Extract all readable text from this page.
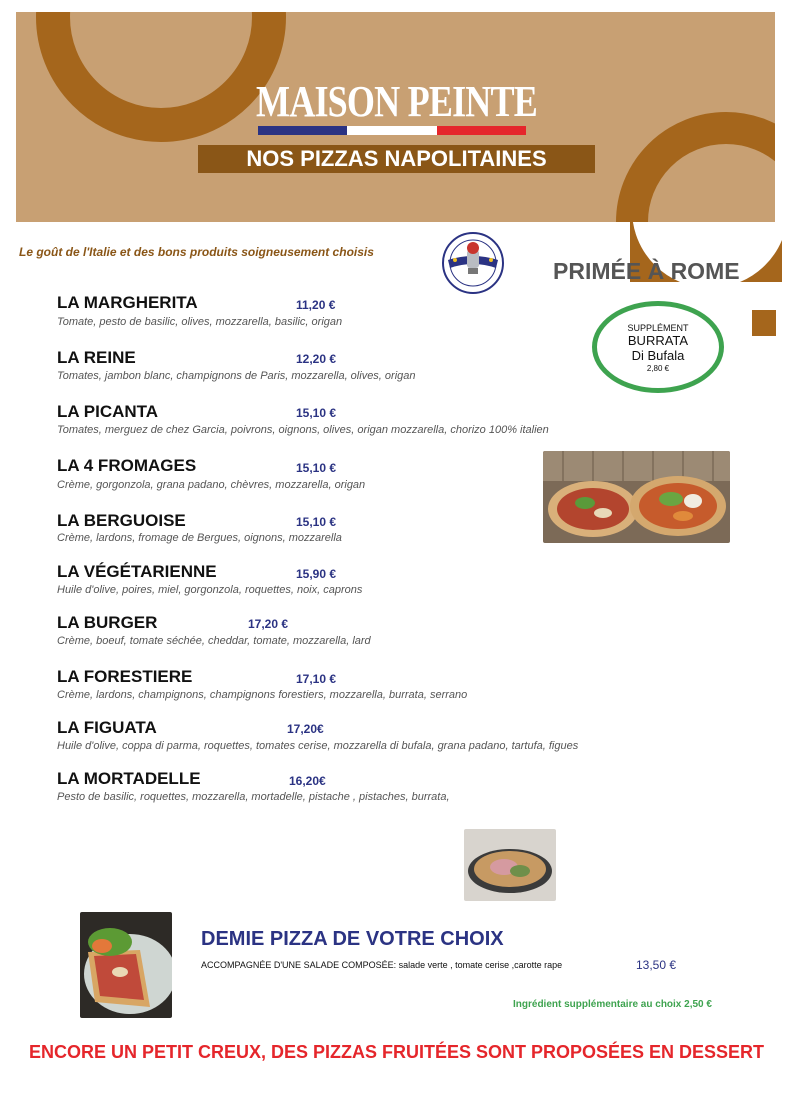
MAISON PEINTE
NOS PIZZAS NAPOLITAINES
Le goût de l'Italie et des bons produits soigneusement choisis
PRIMÉE À ROME
SUPPLÉMENT
BURRATA
Di Bufala
2,80 €
LA MARGHERITA	11,20 €
Tomate, pesto de basilic, olives, mozzarella, basilic, origan
LA REINE	12,20 €
Tomates, jambon blanc, champignons de Paris, mozzarella, olives, origan
LA PICANTA	15,10 €
Tomates, merguez de chez Garcia, poivrons, oignons, olives, origan mozzarella, chorizo 100% italien
LA 4 FROMAGES	15,10 €
Crème, gorgonzola, grana padano, chèvres, mozzarella, origan
LA BERGUOISE	15,10 €
Crème, lardons, fromage de Bergues, oignons, mozzarella
LA VÉGÉTARIENNE	15,90 €
Huile d'olive, poires, miel, gorgonzola, roquettes, noix, caprons
LA BURGER	17,20 €
Crème, boeuf, tomate séchée, cheddar, tomate, mozzarella, lard
LA FORESTIERE	17,10 €
Crème, lardons, champignons, champignons forestiers, mozzarella, burrata, serrano
LA FIGUATA	17,20€
Huile d'olive, coppa di parma, roquettes, tomates cerise, mozzarella di bufala, grana padano, tartufa, figues
LA MORTADELLE	16,20€
Pesto de basilic, roquettes, mozzarella, mortadelle, pistache , pistaches, burrata,
DEMIE PIZZA DE VOTRE CHOIX
ACCOMPAGNÉE D'UNE SALADE COMPOSÉE: salade verte , tomate cerise ,carotte rape	13,50 €
Ingrédient supplémentaire au choix 2,50 €
ENCORE UN PETIT CREUX, DES PIZZAS FRUITÉES SONT PROPOSÉES EN DESSERT
